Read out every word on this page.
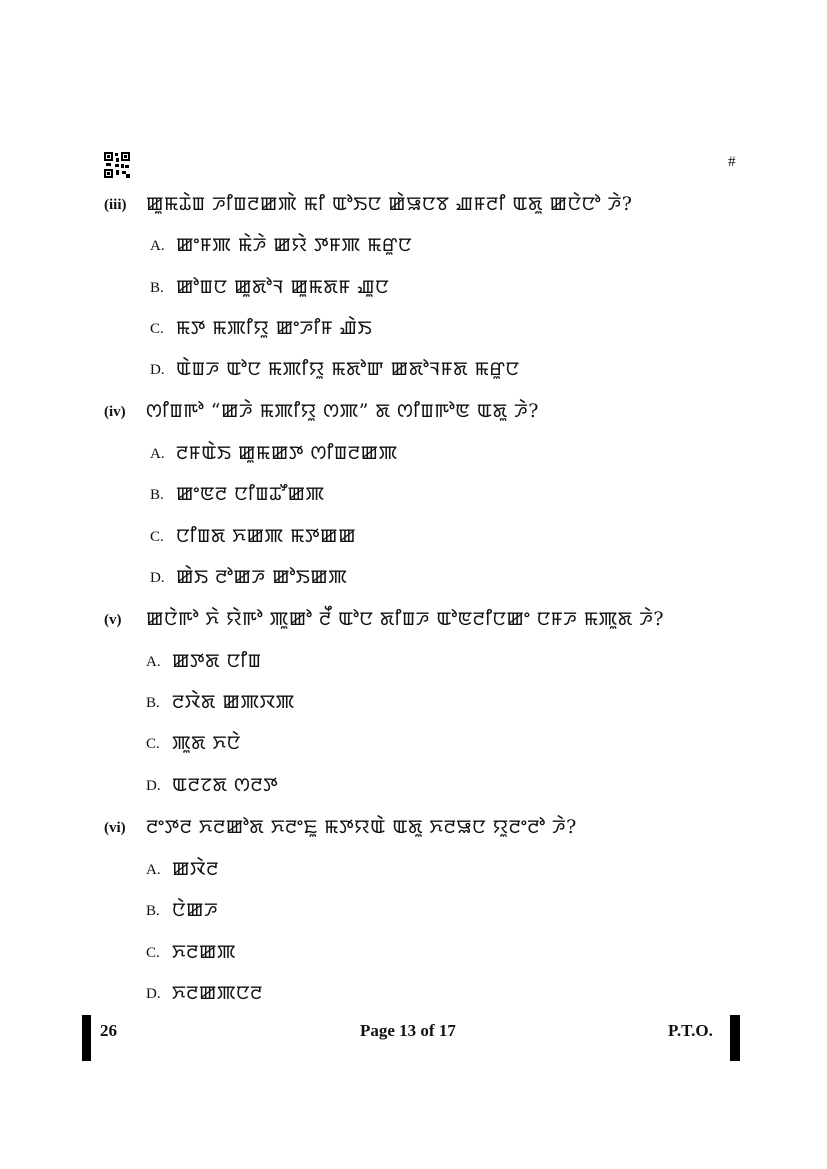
#
(iii) ꯀꯨꯃꯊꯥꯡ ꯍꯤꯡꯂꯀꯄꯥ ꯃꯤ ꯑꯣꯏꯅ ꯀꯥꯎꯅꯕ ꯉꯝꯂꯤ ꯑꯗꯨ ꯀꯅꯥꯅꯣ ꯍꯥ?
A. ꯀꯦꯝꯄ ꯃꯥꯍꯥ ꯀꯌꯥ ꯇꯝꯄ ꯃꯔꯨꯅ
B. ꯀꯣꯡꯅ ꯀꯨꯗꯣꯜ ꯀꯨꯃꯗꯝ ꯉꯨꯅ
C. ꯃꯇ ꯃꯄꯤꯌꯨ ꯀꯦꯍꯤꯝ ꯉꯥꯏ
D. ꯑꯥꯡꯍ ꯑꯣꯅ ꯃꯄꯤꯌꯨ ꯃꯗꯣꯛ ꯀꯗꯣꯜꯝꯗ ꯃꯔꯨꯅ
(iv) ꯁꯤꯡꯒꯣ “ꯀꯍꯥ ꯃꯄꯤꯌꯨ ꯁꯄ” ꯗ ꯁꯤꯡꯒꯣꯟ ꯑꯗꯨ ꯍꯥ?
A. ꯂꯝꯑꯥꯏ ꯀꯨꯃꯀꯇ ꯁꯤꯡꯂꯀꯄ
B. ꯀꯦꯟꯂ ꯅꯤꯡꯊꯧꯀꯄ
C. ꯅꯤꯡꯗ ꯈꯀꯄ ꯃꯇꯀꯀ
D. ꯀꯥꯏ ꯂꯣꯀꯍ ꯀꯣꯏꯀꯄ
(v) ꯀꯅꯥꯒꯣ ꯈꯥ ꯌꯥꯒꯣ ꯄꯨꯀꯣ ꯂꯩ ꯑꯣꯅ ꯗꯤꯡꯍ ꯑꯣꯟꯂꯤꯅꯀꯦ ꯅꯝꯍ ꯃꯄꯨꯗ ꯍꯥ?
A. ꯀꯇꯗ ꯅꯤꯡ
B. ꯂꯋꯥꯗ ꯀꯄꯋꯄ
C. ꯄꯨꯗ ꯈꯅꯥ
D. ꯑꯂꯖꯗ ꯁꯂꯇ
(vi) ꯂꯦꯇꯂ ꯈꯂꯀꯣꯗ ꯈꯂꯦꯐꯨ ꯃꯇꯌꯑꯥ ꯑꯗꯨ ꯈꯂꯎꯅ ꯌꯨꯂꯦꯂꯣ ꯍꯥ?
A. ꯀꯋꯥꯂ
B. ꯅꯥꯀꯍ
C. ꯈꯂꯀꯄ
D. ꯈꯂꯀꯄꯅꯂ
26	Page 13 of 17	P.T.O.
